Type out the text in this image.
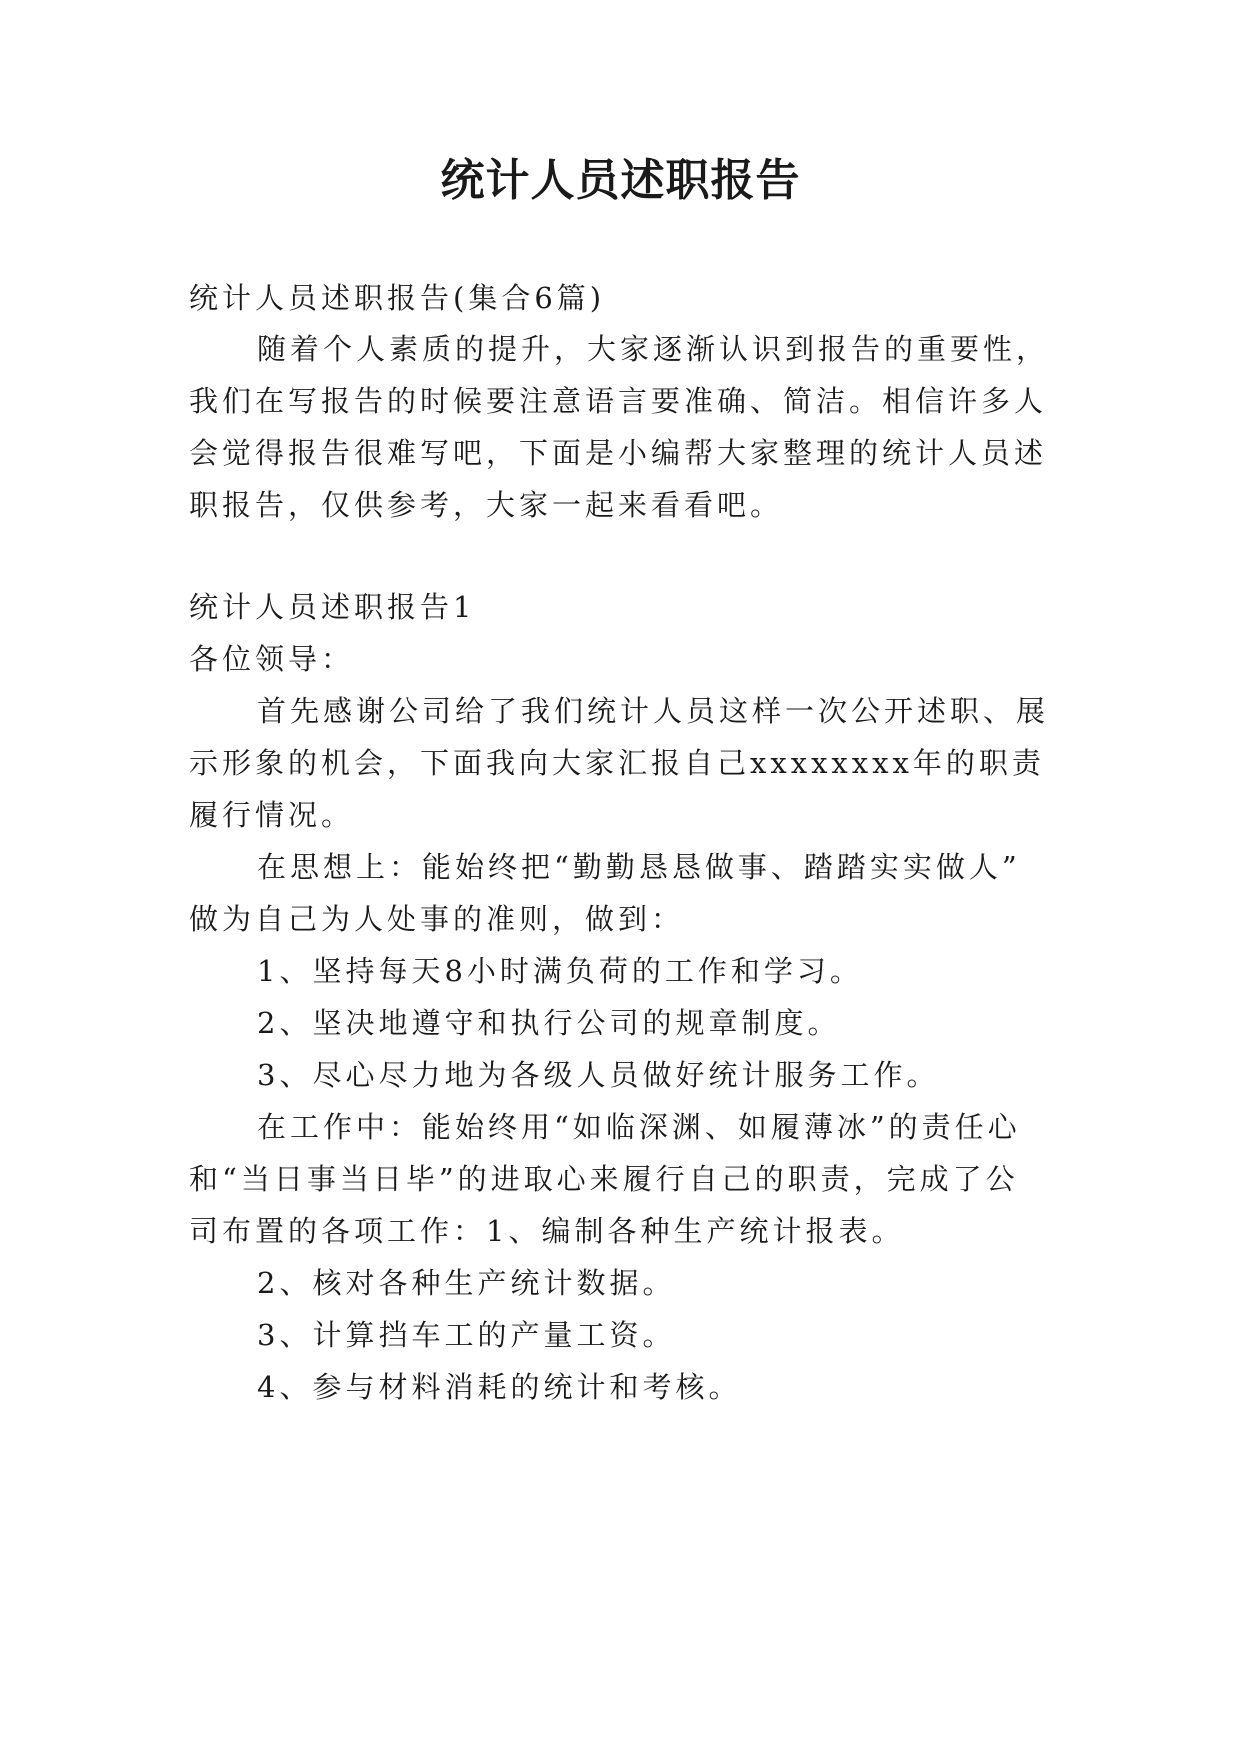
统计人员述职报告
统计人员述职报告(集合6篇)
随着个人素质的提升，大家逐渐认识到报告的重要性，
我们在写报告的时候要注意语言要准确、简洁。相信许多人
会觉得报告很难写吧，下面是小编帮大家整理的统计人员述
职报告，仅供参考，大家一起来看看吧。
统计人员述职报告1
各位领导：
首先感谢公司给了我们统计人员这样一次公开述职、展
示形象的机会，下面我向大家汇报自己xxxxxxxx年的职责
履行情况。
在思想上：能始终把“勤勤恳恳做事、踏踏实实做人”
做为自己为人处事的准则，做到：
1、坚持每天8小时满负荷的工作和学习。
2、坚决地遵守和执行公司的规章制度。
3、尽心尽力地为各级人员做好统计服务工作。
在工作中：能始终用“如临深渊、如履薄冰”的责任心
和“当日事当日毕”的进取心来履行自己的职责，完成了公
司布置的各项工作：1、编制各种生产统计报表。
2、核对各种生产统计数据。
3、计算挡车工的产量工资。
4、参与材料消耗的统计和考核。
